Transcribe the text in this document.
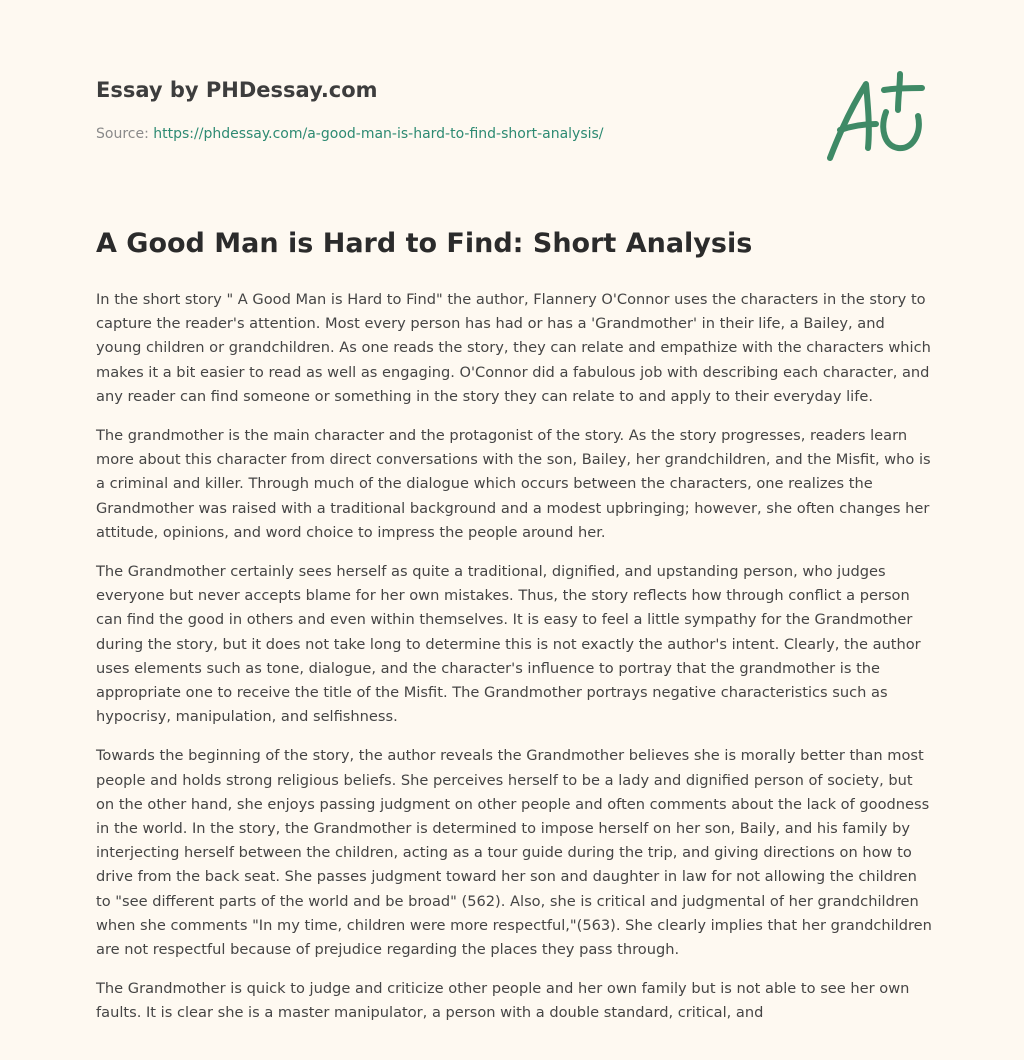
Essay by PHDessay.com
Source: https://phdessay.com/a-good-man-is-hard-to-find-short-analysis/
A Good Man is Hard to Find: Short Analysis

In the short story " A Good Man is Hard to Find" the author, Flannery O'Connor uses the characters in the story to capture the reader's attention. Most every person has had or has a 'Grandmother' in their life, a Bailey, and young children or grandchildren. As one reads the story, they can relate and empathize with the characters which makes it a bit easier to read as well as engaging. O'Connor did a fabulous job with describing each character, and any reader can find someone or something in the story they can relate to and apply to their everyday life.

The grandmother is the main character and the protagonist of the story. As the story progresses, readers learn more about this character from direct conversations with the son, Bailey, her grandchildren, and the Misfit, who is a criminal and killer. Through much of the dialogue which occurs between the characters, one realizes the Grandmother was raised with a traditional background and a modest upbringing; however, she often changes her attitude, opinions, and word choice to impress the people around her.

The Grandmother certainly sees herself as quite a traditional, dignified, and upstanding person, who judges everyone but never accepts blame for her own mistakes. Thus, the story reflects how through conflict a person can find the good in others and even within themselves. It is easy to feel a little sympathy for the Grandmother during the story, but it does not take long to determine this is not exactly the author's intent. Clearly, the author uses elements such as tone, dialogue, and the character's influence to portray that the grandmother is the appropriate one to receive the title of the Misfit. The Grandmother portrays negative characteristics such as hypocrisy, manipulation, and selfishness.

Towards the beginning of the story, the author reveals the Grandmother believes she is morally better than most people and holds strong religious beliefs. She perceives herself to be a lady and dignified person of society, but on the other hand, she enjoys passing judgment on other people and often comments about the lack of goodness in the world. In the story, the Grandmother is determined to impose herself on her son, Baily, and his family by interjecting herself between the children, acting as a tour guide during the trip, and giving directions on how to drive from the back seat. She passes judgment toward her son and daughter in law for not allowing the children to "see different parts of the world and be broad" (562). Also, she is critical and judgmental of her grandchildren when she comments "In my time, children were more respectful,"(563). She clearly implies that her grandchildren are not respectful because of prejudice regarding the places they pass through.

The Grandmother is quick to judge and criticize other people and her own family but is not able to see her own faults. It is clear she is a master manipulator, a person with a double standard, critical, and
